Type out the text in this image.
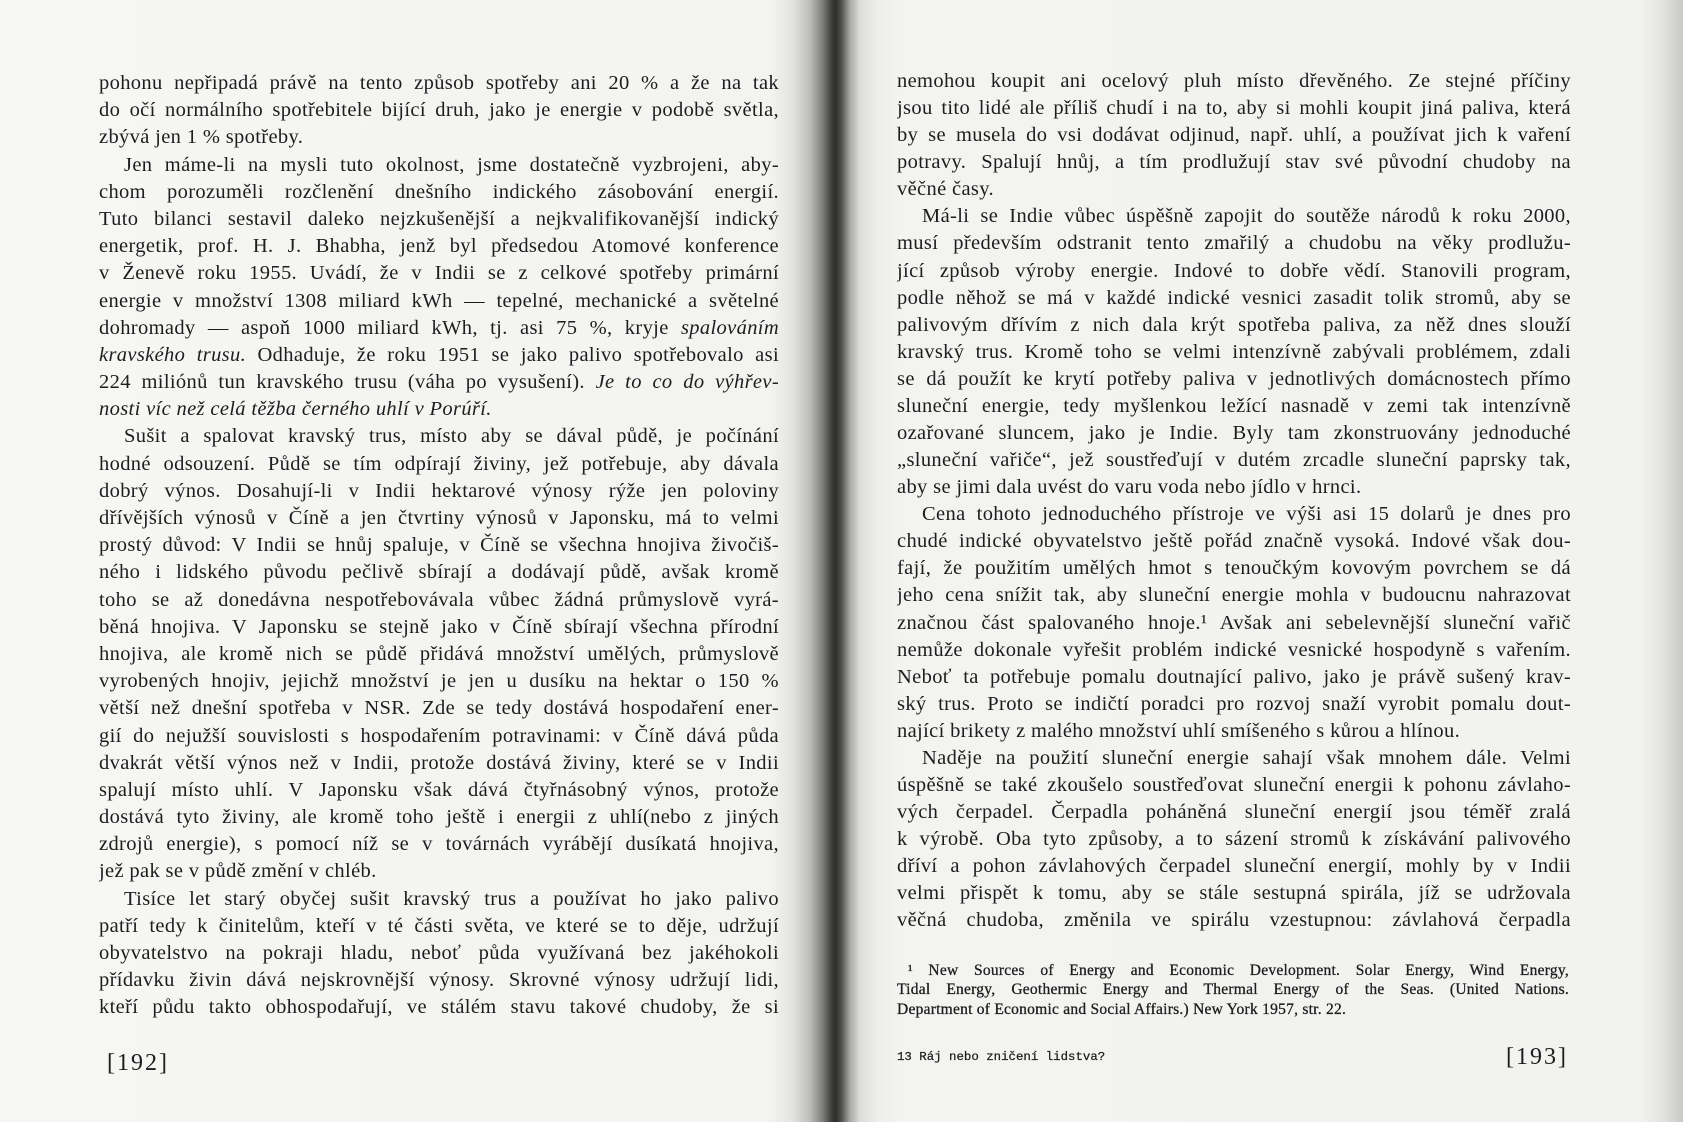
pohonu nepřipadá právě na tento způsob spotřeby ani 20 % a že na tak
do očí normálního spotřebitele bijící druh, jako je energie v podobě světla,
zbývá jen 1 % spotřeby.
Jen máme-li na mysli tuto okolnost, jsme dostatečně vyzbrojeni, aby-
chom porozuměli rozčlenění dnešního indického zásobování energií.
Tuto bilanci sestavil daleko nejzkušenější a nejkvalifikovanější indický
energetik, prof. H. J. Bhabha, jenž byl předsedou Atomové konference
v Ženevě roku 1955. Uvádí, že v Indii se z celkové spotřeby primární
energie v množství 1308 miliard kWh — tepelné, mechanické a světelné
dohromady — aspoň 1000 miliard kWh, tj. asi 75 %, kryje spalováním
kravského trusu. Odhaduje, že roku 1951 se jako palivo spotřebovalo asi
224 miliónů tun kravského trusu (váha po vysušení). Je to co do výhřev-
nosti víc než celá těžba černého uhlí v Porúří.
Sušit a spalovat kravský trus, místo aby se dával půdě, je počínání
hodné odsouzení. Půdě se tím odpírají živiny, jež potřebuje, aby dávala
dobrý výnos. Dosahují-li v Indii hektarové výnosy rýže jen poloviny
dřívějších výnosů v Číně a jen čtvrtiny výnosů v Japonsku, má to velmi
prostý důvod: V Indii se hnůj spaluje, v Číně se všechna hnojiva živočiš-
ného i lidského původu pečlivě sbírají a dodávají půdě, avšak kromě
toho se až donedávna nespotřebovávala vůbec žádná průmyslově vyrá-
běná hnojiva. V Japonsku se stejně jako v Číně sbírají všechna přírodní
hnojiva, ale kromě nich se půdě přidává množství umělých, průmyslově
vyrobených hnojiv, jejichž množství je jen u dusíku na hektar o 150 %
větší než dnešní spotřeba v NSR. Zde se tedy dostává hospodaření ener-
gií do nejužší souvislosti s hospodařením potravinami: v Číně dává půda
dvakrát větší výnos než v Indii, protože dostává živiny, které se v Indii
spalují místo uhlí. V Japonsku však dává čtyřnásobný výnos, protože
dostává tyto živiny, ale kromě toho ještě i energii z uhlí(nebo z jiných
zdrojů energie), s pomocí níž se v továrnách vyrábějí dusíkatá hnojiva,
jež pak se v půdě změní v chléb.
Tisíce let starý obyčej sušit kravský trus a používat ho jako palivo
patří tedy k činitelům, kteří v té části světa, ve které se to děje, udržují
obyvatelstvo na pokraji hladu, neboť půda využívaná bez jakéhokoli
přídavku živin dává nejskrovnější výnosy. Skrovné výnosy udržují lidi,
kteří půdu takto obhospodařují, ve stálém stavu takové chudoby, že si
[192]
nemohou koupit ani ocelový pluh místo dřevěného. Ze stejné příčiny
jsou tito lidé ale příliš chudí i na to, aby si mohli koupit jiná paliva, která
by se musela do vsi dodávat odjinud, např. uhlí, a používat jich k vaření
potravy. Spalují hnůj, a tím prodlužují stav své původní chudoby na
věčné časy.
Má-li se Indie vůbec úspěšně zapojit do soutěže národů k roku 2000,
musí především odstranit tento zmařilý a chudobu na věky prodlužu-
jící způsob výroby energie. Indové to dobře vědí. Stanovili program,
podle něhož se má v každé indické vesnici zasadit tolik stromů, aby se
palivovým dřívím z nich dala krýt spotřeba paliva, za něž dnes slouží
kravský trus. Kromě toho se velmi intenzívně zabývali problémem, zdali
se dá použít ke krytí potřeby paliva v jednotlivých domácnostech přímo
sluneční energie, tedy myšlenkou ležící nasnadě v zemi tak intenzívně
ozařované sluncem, jako je Indie. Byly tam zkonstruovány jednoduché
„sluneční vařiče“, jež soustřeďují v dutém zrcadle sluneční paprsky tak,
aby se jimi dala uvést do varu voda nebo jídlo v hrnci.
Cena tohoto jednoduchého přístroje ve výši asi 15 dolarů je dnes pro
chudé indické obyvatelstvo ještě pořád značně vysoká. Indové však dou-
fají, že použitím umělých hmot s tenoučkým kovovým povrchem se dá
jeho cena snížit tak, aby sluneční energie mohla v budoucnu nahrazovat
značnou část spalovaného hnoje.¹ Avšak ani sebelevnější sluneční vařič
nemůže dokonale vyřešit problém indické vesnické hospodyně s vařením.
Neboť ta potřebuje pomalu doutnající palivo, jako je právě sušený krav-
ský trus. Proto se indičtí poradci pro rozvoj snaží vyrobit pomalu dout-
nající brikety z malého množství uhlí smíšeného s kůrou a hlínou.
Naděje na použití sluneční energie sahají však mnohem dále. Velmi
úspěšně se také zkoušelo soustřeďovat sluneční energii k pohonu závlaho-
vých čerpadel. Čerpadla poháněná sluneční energií jsou téměř zralá
k výrobě. Oba tyto způsoby, a to sázení stromů k získávání palivového
dříví a pohon závlahových čerpadel sluneční energií, mohly by v Indii
velmi přispět k tomu, aby se stále sestupná spirála, jíž se udržovala
věčná chudoba, změnila ve spirálu vzestupnou: závlahová čerpadla
¹ New Sources of Energy and Economic Development. Solar Energy, Wind Energy,
Tidal Energy, Geothermic Energy and Thermal Energy of the Seas. (United Nations.
Department of Economic and Social Affairs.) New York 1957, str. 22.
13 Ráj nebo zničení lidstva?	[193]
